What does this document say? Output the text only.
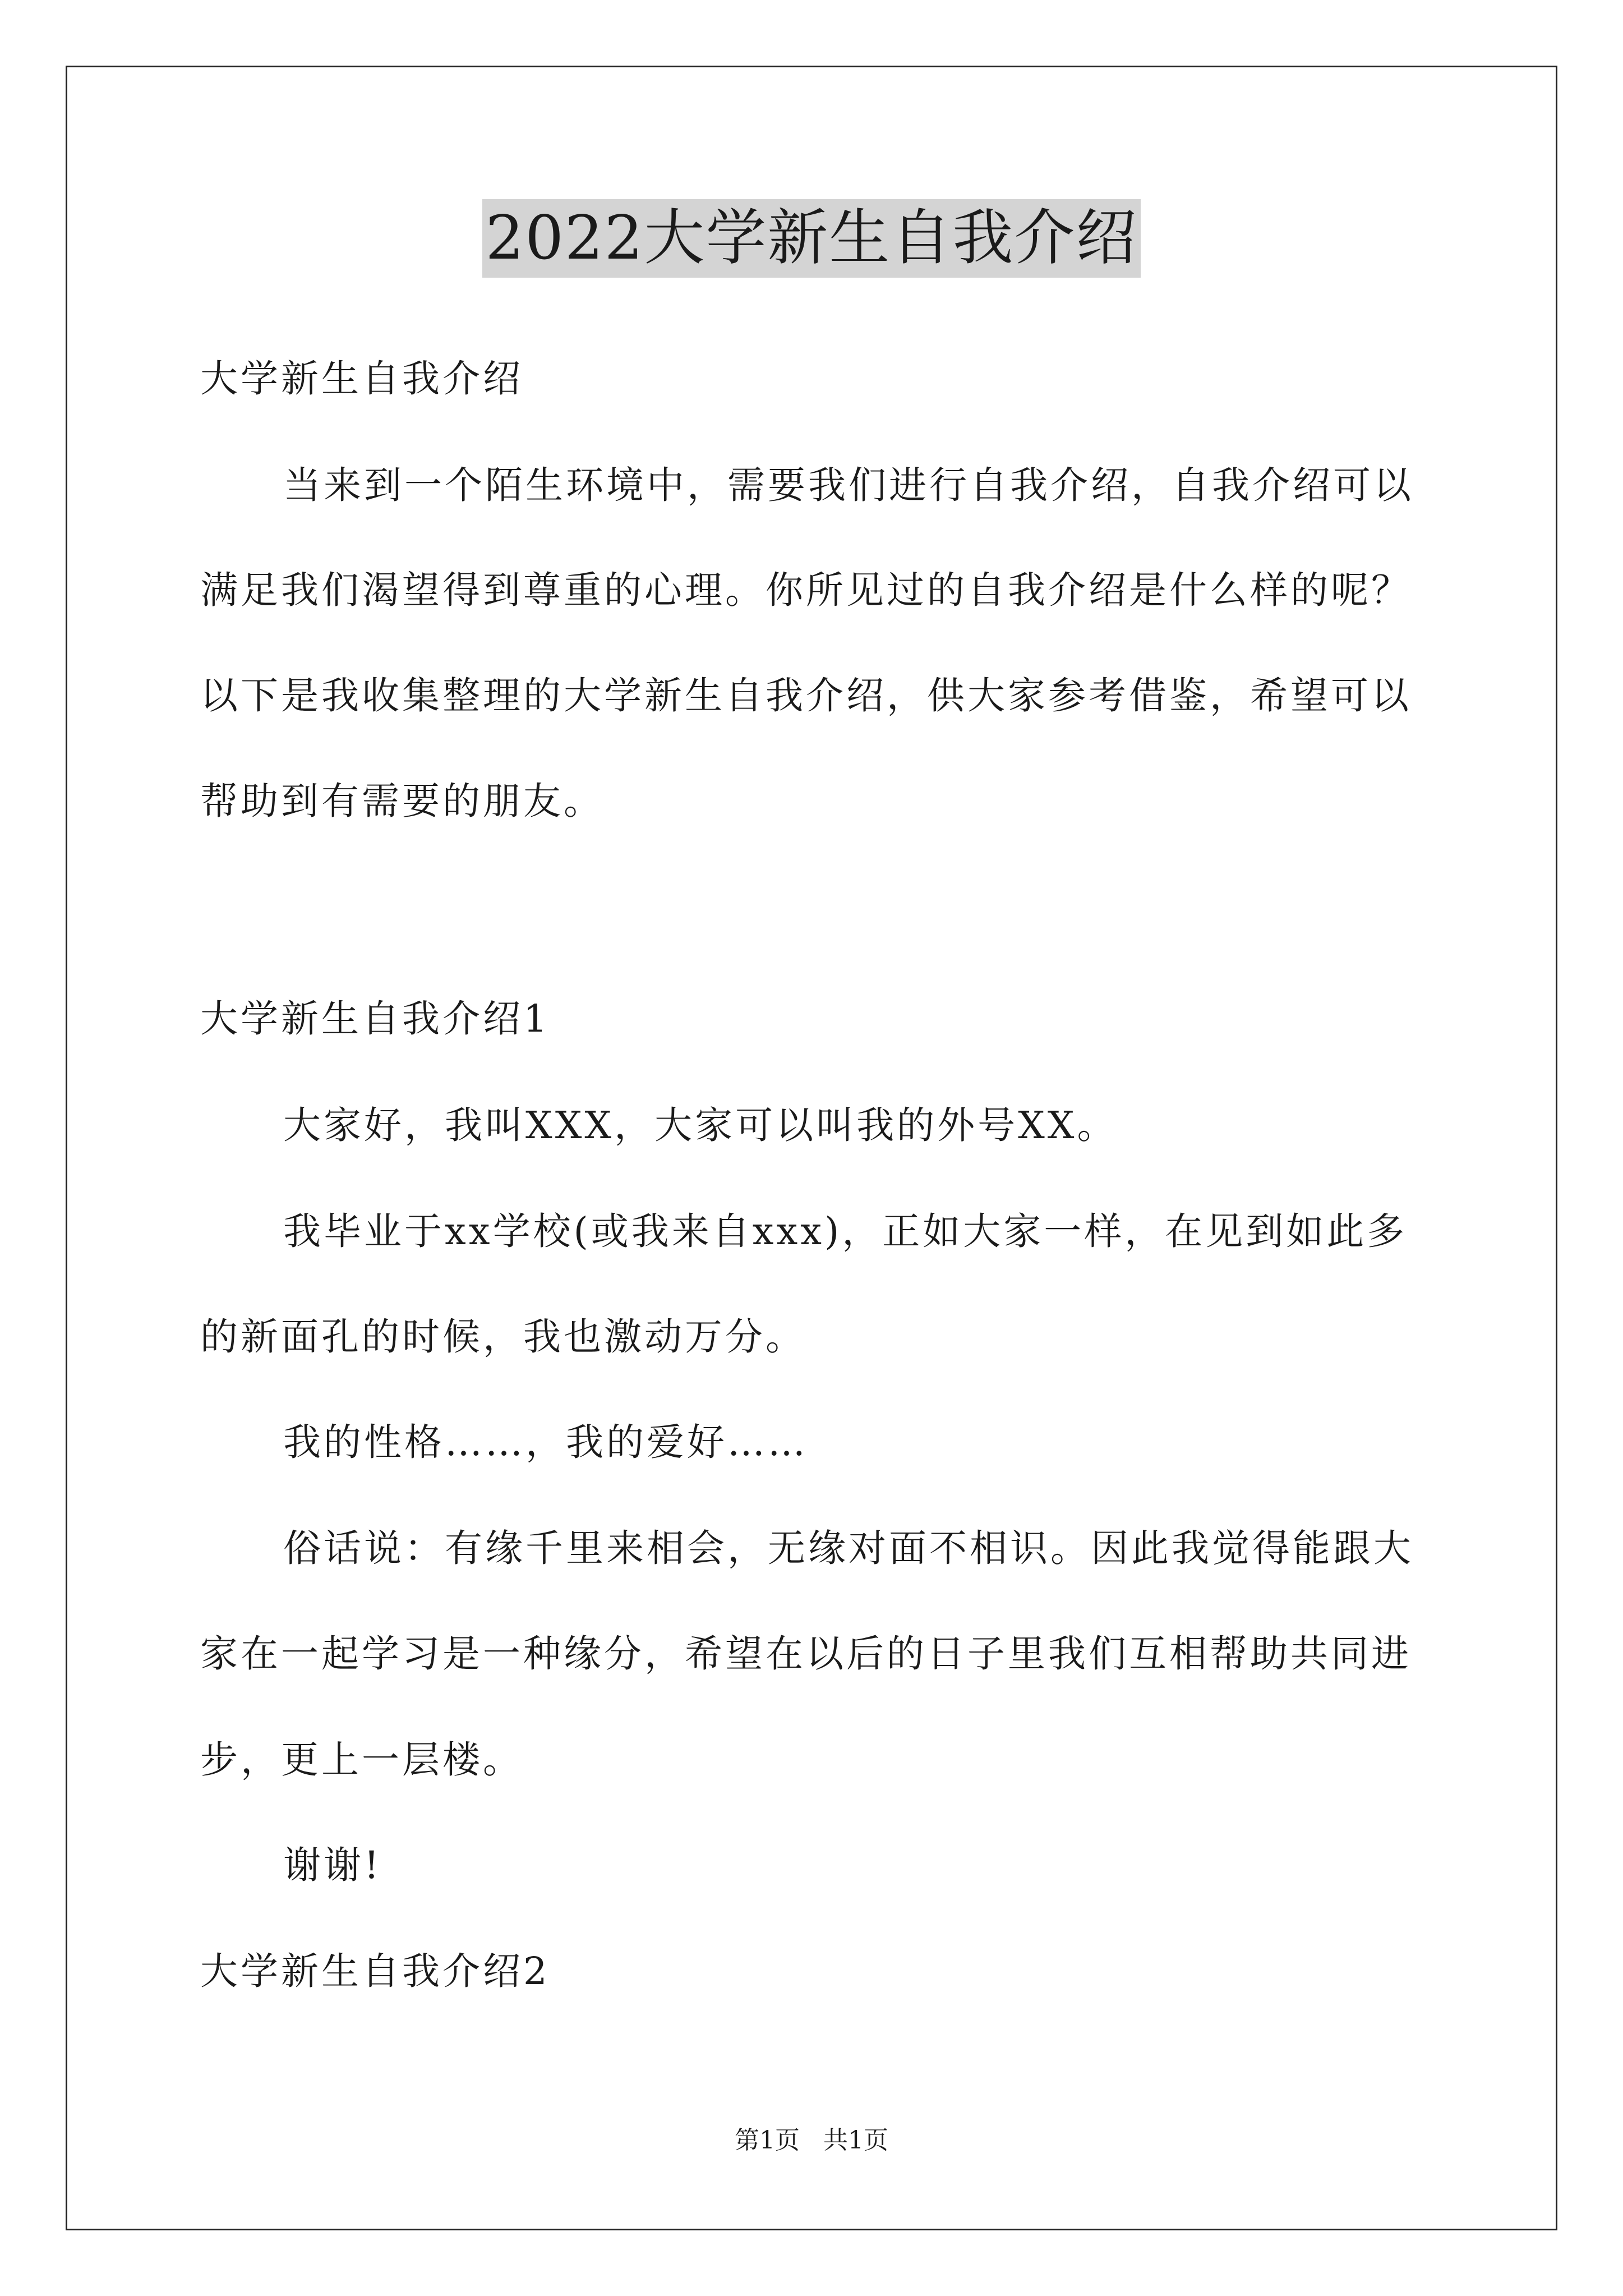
2022大学新生自我介绍
大学新生自我介绍
当来到一个陌生环境中，需要我们进行自我介绍，自我介绍可以
满足我们渴望得到尊重的心理。你所见过的自我介绍是什么样的呢？
以下是我收集整理的大学新生自我介绍，供大家参考借鉴，希望可以
帮助到有需要的朋友。
大学新生自我介绍1
大家好，我叫XXX，大家可以叫我的外号XX。
我毕业于xx学校(或我来自xxx)，正如大家一样，在见到如此多
的新面孔的时候，我也激动万分。
我的性格……，我的爱好……
俗话说：有缘千里来相会，无缘对面不相识。因此我觉得能跟大
家在一起学习是一种缘分，希望在以后的日子里我们互相帮助共同进
步，更上一层楼。
谢谢!
大学新生自我介绍2
第1页   共1页
